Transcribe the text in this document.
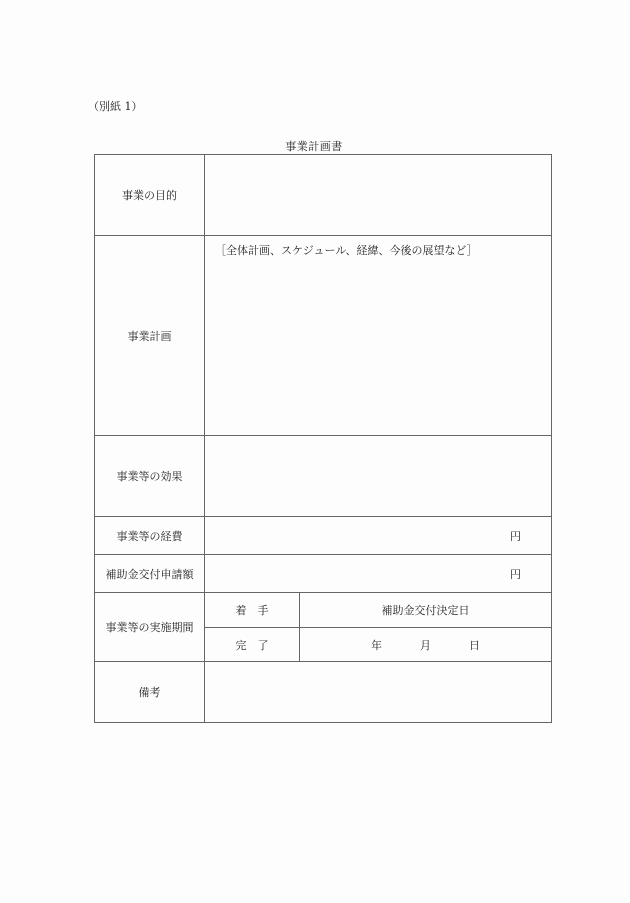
（別紙 1）
事業計画書
事業の目的		
事業計画	［全体計画、スケジュール、経緯、今後の展望など］	
事業等の効果		
事業等の経費	円	
補助金交付申請額	円	
事業等の実施期間	着　手	補助金交付決定日
	完　了	年 月 日
備考		
